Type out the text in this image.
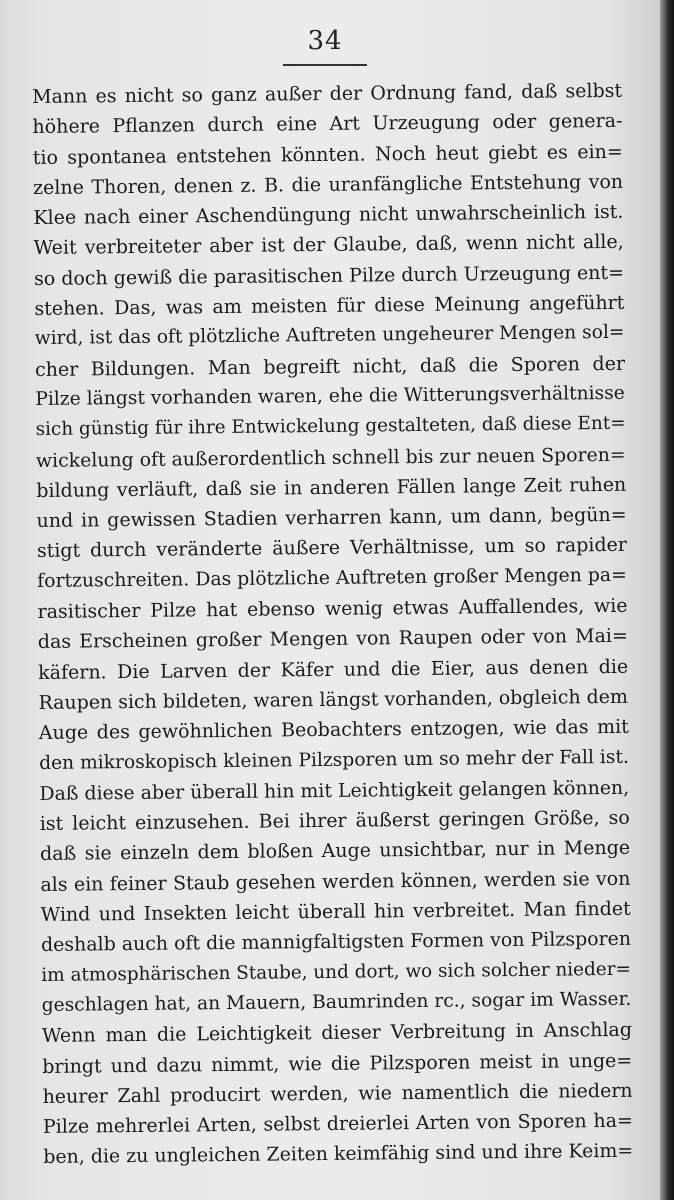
34
Mann es nicht so ganz außer der Ordnung fand, daß selbst
höhere Pflanzen durch eine Art Urzeugung oder genera-
tio spontanea entstehen könnten. Noch heut giebt es ein=
zelne Thoren, denen z. B. die uranfängliche Entstehung von
Klee nach einer Aschendüngung nicht unwahrscheinlich ist.
Weit verbreiteter aber ist der Glaube, daß, wenn nicht alle,
so doch gewiß die parasitischen Pilze durch Urzeugung ent=
stehen. Das, was am meisten für diese Meinung angeführt
wird, ist das oft plötzliche Auftreten ungeheurer Mengen sol=
cher Bildungen. Man begreift nicht, daß die Sporen der
Pilze längst vorhanden waren, ehe die Witterungsverhältnisse
sich günstig für ihre Entwickelung gestalteten, daß diese Ent=
wickelung oft außerordentlich schnell bis zur neuen Sporen=
bildung verläuft, daß sie in anderen Fällen lange Zeit ruhen
und in gewissen Stadien verharren kann, um dann, begün=
stigt durch veränderte äußere Verhältnisse, um so rapider
fortzuschreiten. Das plötzliche Auftreten großer Mengen pa=
rasitischer Pilze hat ebenso wenig etwas Auffallendes, wie
das Erscheinen großer Mengen von Raupen oder von Mai=
käfern. Die Larven der Käfer und die Eier, aus denen die
Raupen sich bildeten, waren längst vorhanden, obgleich dem
Auge des gewöhnlichen Beobachters entzogen, wie das mit
den mikroskopisch kleinen Pilzsporen um so mehr der Fall ist.
Daß diese aber überall hin mit Leichtigkeit gelangen können,
ist leicht einzusehen. Bei ihrer äußerst geringen Größe, so
daß sie einzeln dem bloßen Auge unsichtbar, nur in Menge
als ein feiner Staub gesehen werden können, werden sie von
Wind und Insekten leicht überall hin verbreitet. Man findet
deshalb auch oft die mannigfaltigsten Formen von Pilzsporen
im atmosphärischen Staube, und dort, wo sich solcher nieder=
geschlagen hat, an Mauern, Baumrinden rc., sogar im Wasser.
Wenn man die Leichtigkeit dieser Verbreitung in Anschlag
bringt und dazu nimmt, wie die Pilzsporen meist in unge=
heurer Zahl producirt werden, wie namentlich die niedern
Pilze mehrerlei Arten, selbst dreierlei Arten von Sporen ha=
ben, die zu ungleichen Zeiten keimfähig sind und ihre Keim=
